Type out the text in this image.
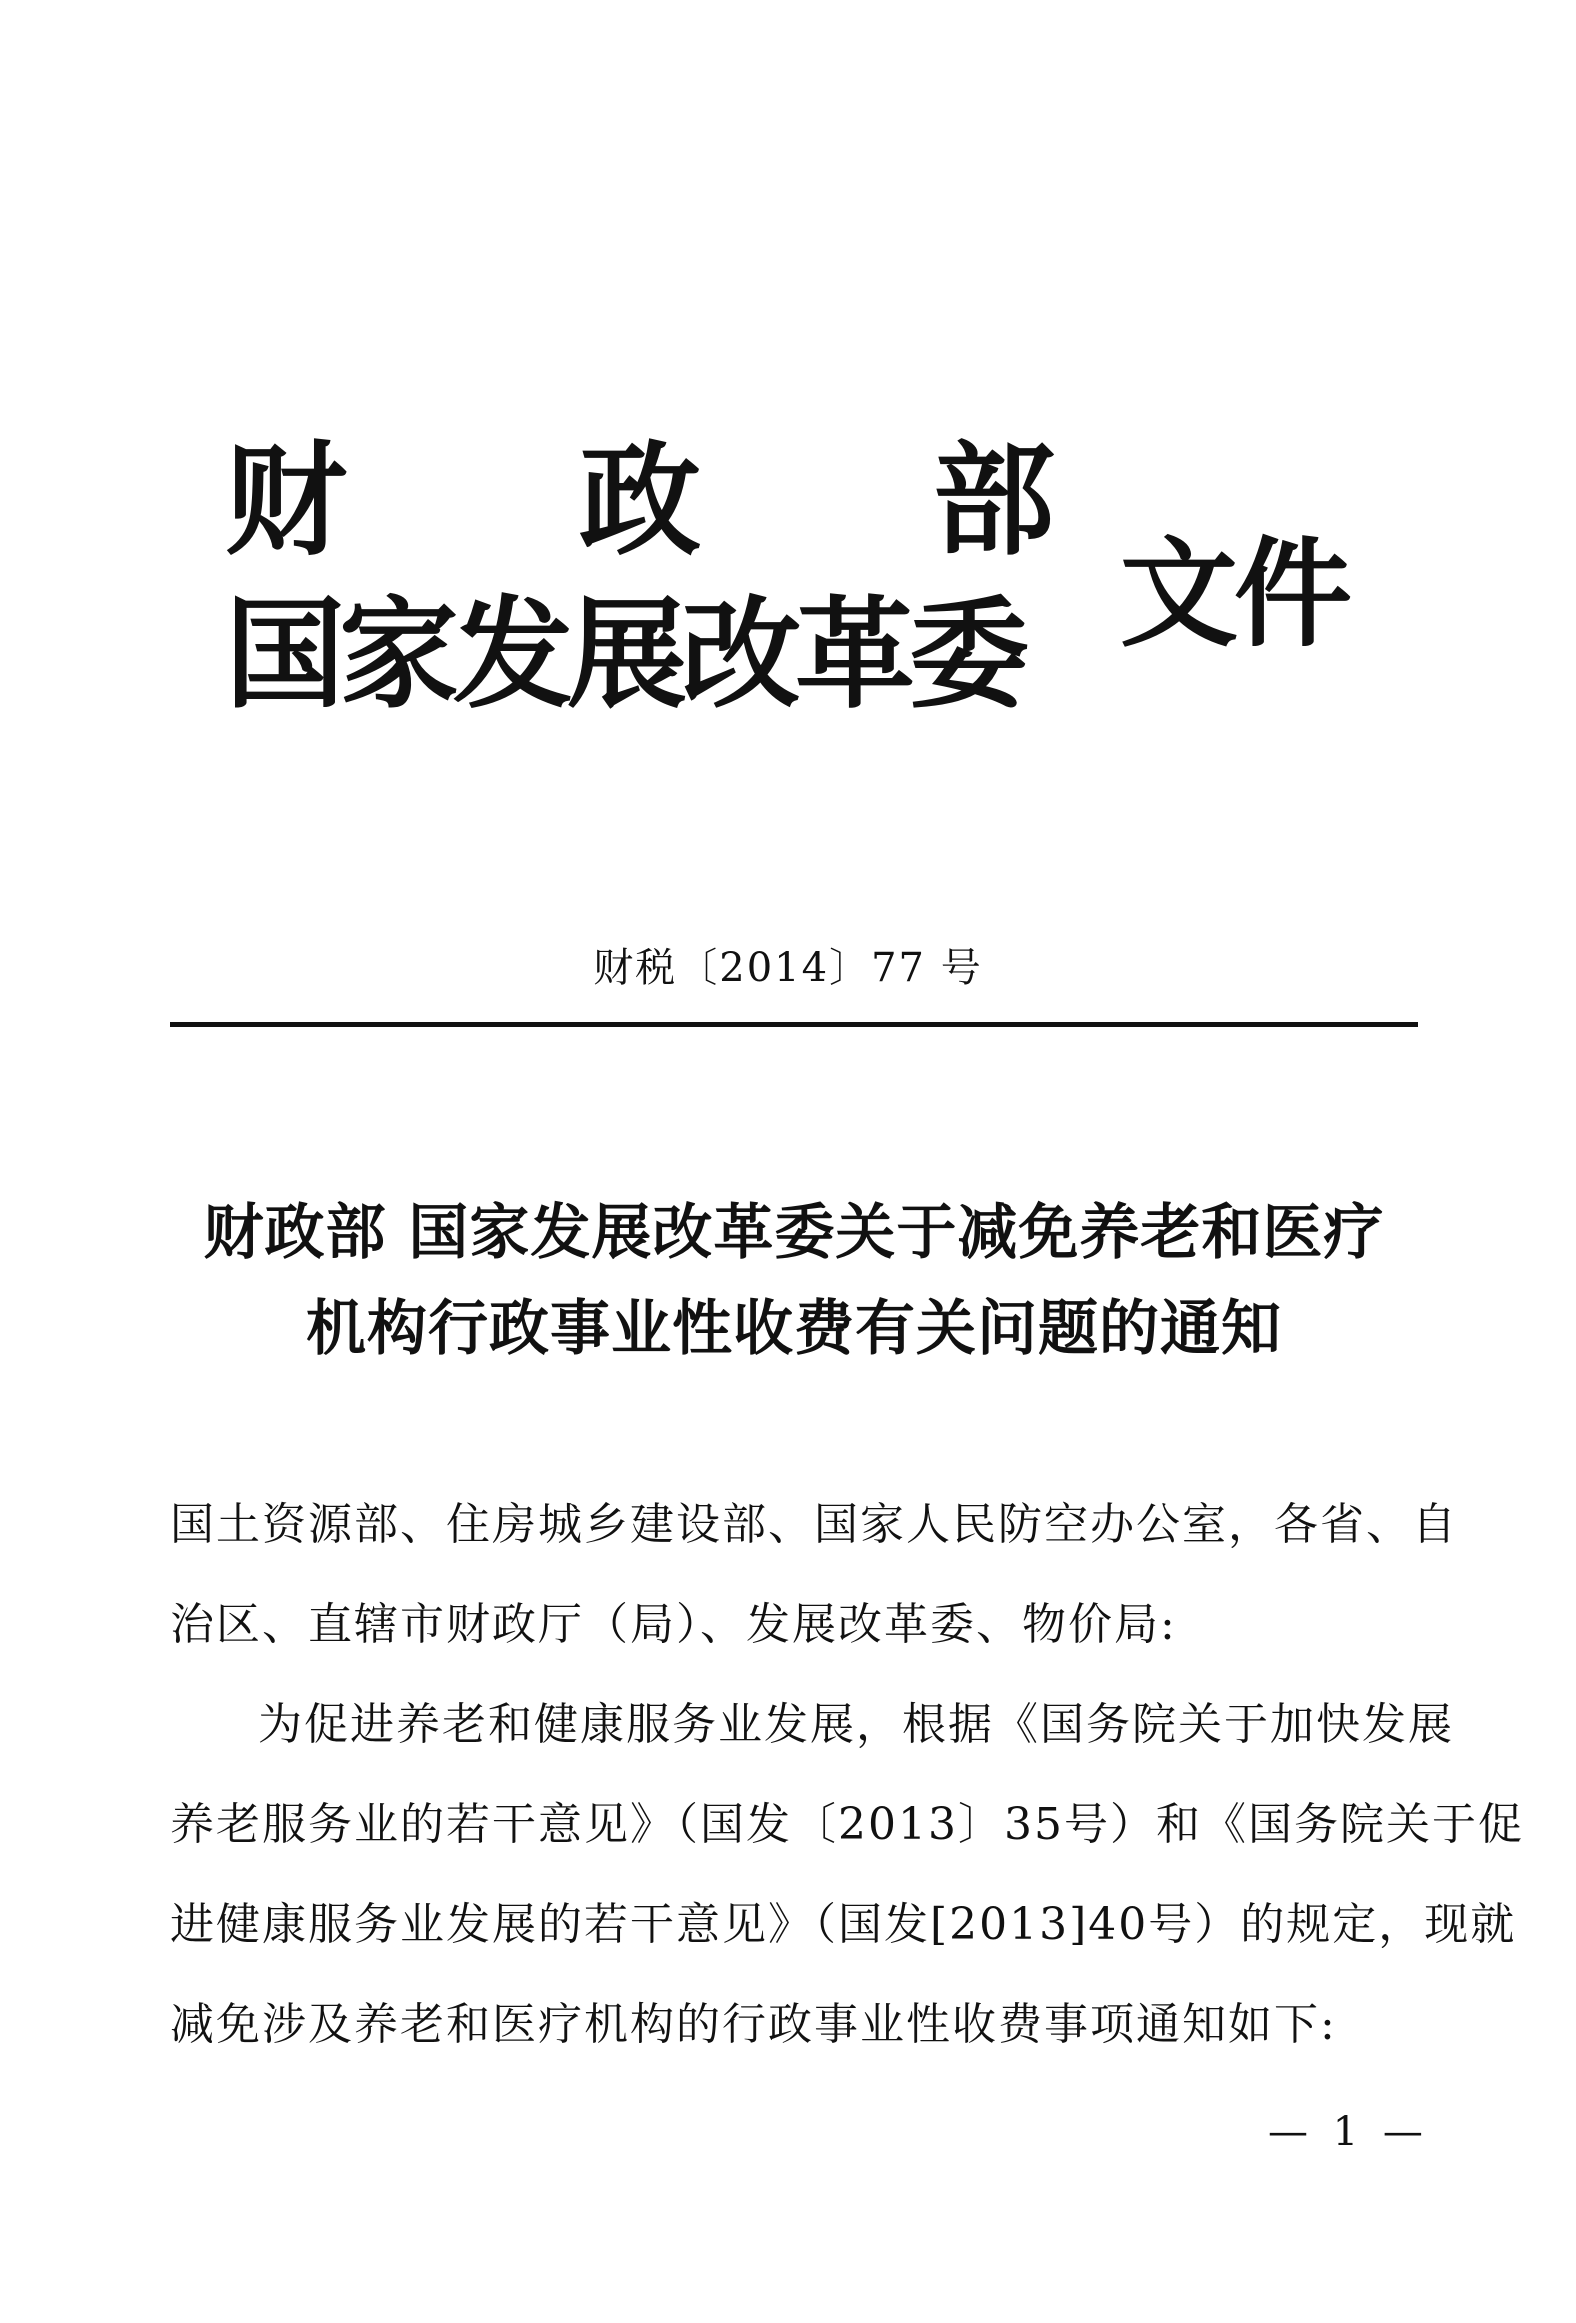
财 政 部
国家发展改革委 文件
财税〔2014〕77 号
财政部 国家发展改革委关于减免养老和医疗
机构行政事业性收费有关问题的通知

国土资源部、住房城乡建设部、国家人民防空办公室，各省、自
治区、直辖市财政厅（局）、发展改革委、物价局:

为促进养老和健康服务业发展，根据《国务院关于加快发展
养老服务业的若干意见》（国发〔2013〕35号）和《国务院关于促
进健康服务业发展的若干意见》（国发[2013]40号）的规定，现就
减免涉及养老和医疗机构的行政事业性收费事项通知如下:

— 1 —
